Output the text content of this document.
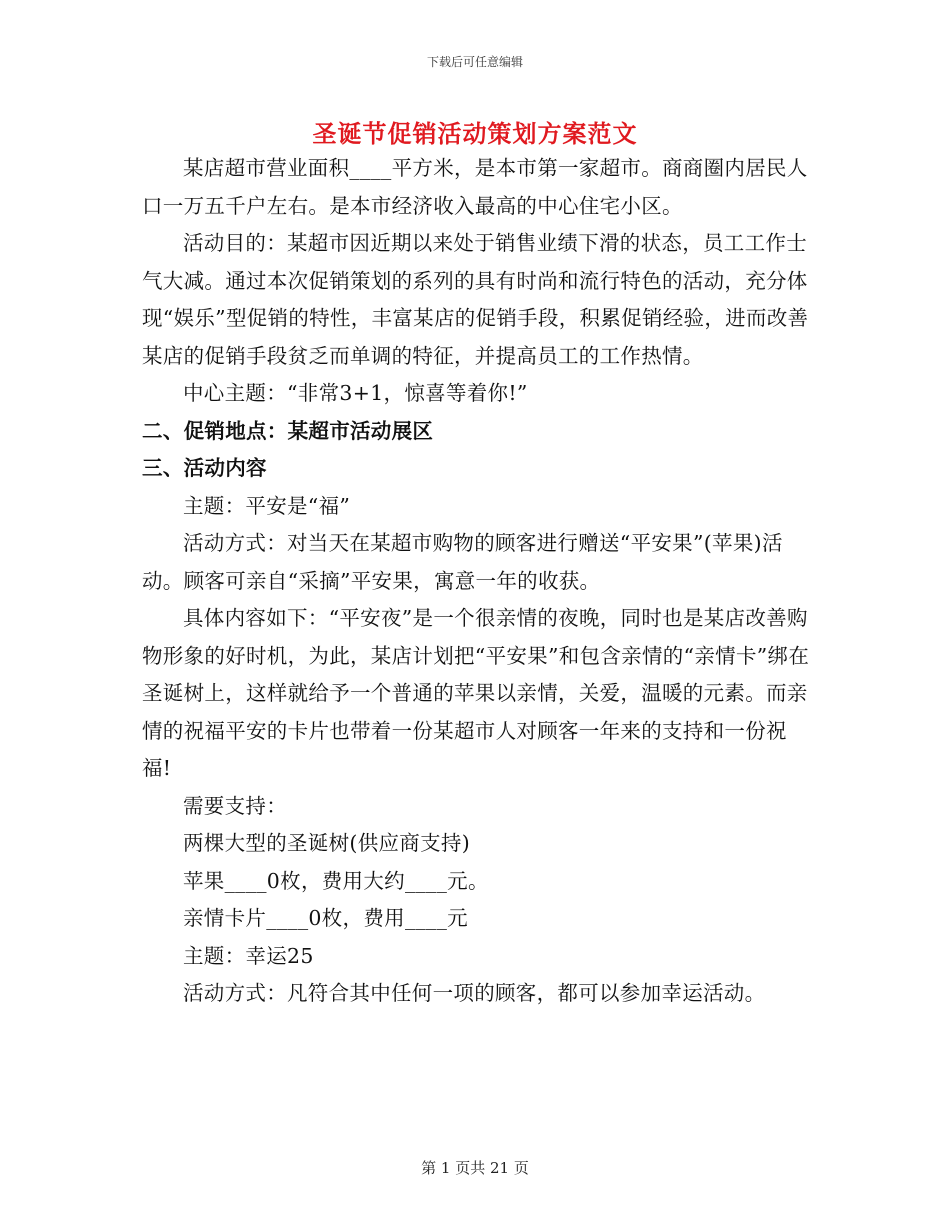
下载后可任意编辑
圣诞节促销活动策划方案范文

某店超市营业面积____平方米，是本市第一家超市。商商圈内居民人口一万五千户左右。是本市经济收入最高的中心住宅小区。

活动目的：某超市因近期以来处于销售业绩下滑的状态，员工工作士气大减。通过本次促销策划的系列的具有时尚和流行特色的活动，充分体现“娱乐”型促销的特性，丰富某店的促销手段，积累促销经验，进而改善某店的促销手段贫乏而单调的特征，并提高员工的工作热情。

中心主题：“非常3+1，惊喜等着你!”

二、促销地点：某超市活动展区

三、活动内容

主题：平安是“福”

活动方式：对当天在某超市购物的顾客进行赠送“平安果”(苹果)活动。顾客可亲自“采摘”平安果，寓意一年的收获。

具体内容如下：“平安夜”是一个很亲情的夜晚，同时也是某店改善购物形象的好时机，为此，某店计划把“平安果”和包含亲情的“亲情卡”绑在圣诞树上，这样就给予一个普通的苹果以亲情，关爱，温暖的元素。而亲情的祝福平安的卡片也带着一份某超市人对顾客一年来的支持和一份祝福!

需要支持：

两棵大型的圣诞树(供应商支持)

苹果____0枚，费用大约____元。

亲情卡片____0枚，费用____元

主题：幸运25

活动方式：凡符合其中任何一项的顾客，都可以参加幸运活动。

第 1 页共 21 页
